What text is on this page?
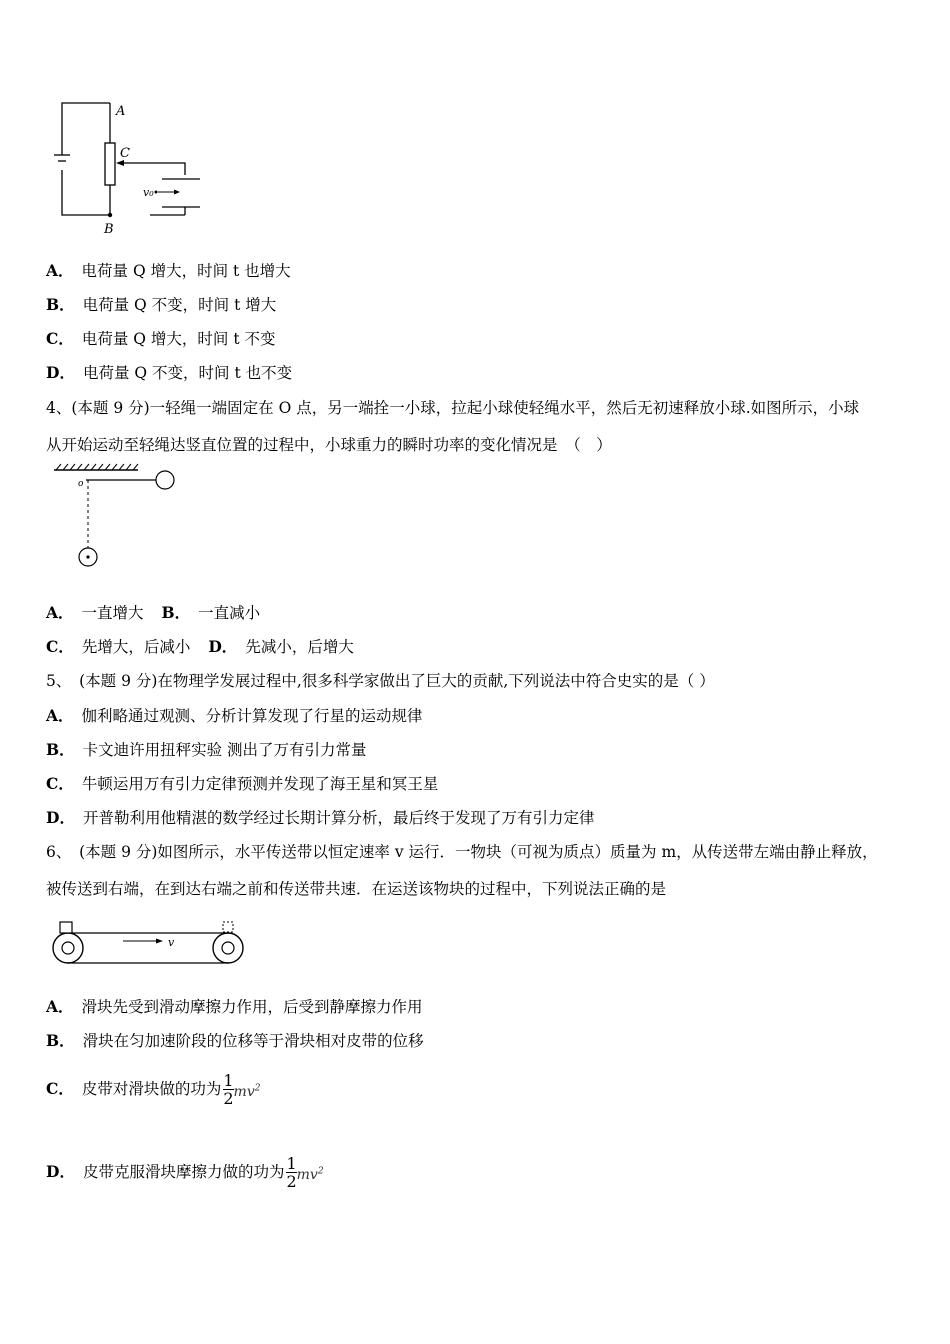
A
C
B
v₀
A． 电荷量 Q 增大，时间 t 也增大
B． 电荷量 Q 不变，时间 t 增大
C． 电荷量 Q 增大，时间 t 不变
D． 电荷量 Q 不变，时间 t 也不变
4、(本题 9 分)一轻绳一端固定在 O 点，另一端拴一小球，拉起小球使轻绳水平，然后无初速释放小球.如图所示，小球
从开始运动至轻绳达竖直位置的过程中，小球重力的瞬时功率的变化情况是　（　）
o
A． 一直增大 B． 一直减小
C． 先增大，后减小 D． 先减小，后增大
5、　(本题 9 分)在物理学发展过程中,很多科学家做出了巨大的贡献,下列说法中符合史实的是（ ）
A． 伽利略通过观测、分析计算发现了行星的运动规律
B． 卡文迪许用扭秤实验 测出了万有引力常量
C． 牛顿运用万有引力定律预测并发现了海王星和冥王星
D． 开普勒利用他精湛的数学经过长期计算分析，最后终于发现了万有引力定律
6、　(本题 9 分)如图所示，水平传送带以恒定速率 v 运行．一物块（可视为质点）质量为 m，从传送带左端由静止释放，
被传送到右端，在到达右端之前和传送带共速．在运送该物块的过程中，下列说法正确的是
v
A． 滑块先受到滑动摩擦力作用，后受到静摩擦力作用
B． 滑块在匀加速阶段的位移等于滑块相对皮带的位移
C． 皮带对滑块做的功为 $\frac{1}{2} mv^2$
D． 皮带克服滑块摩擦力做的功为 $\frac{1}{2} mv^2$
